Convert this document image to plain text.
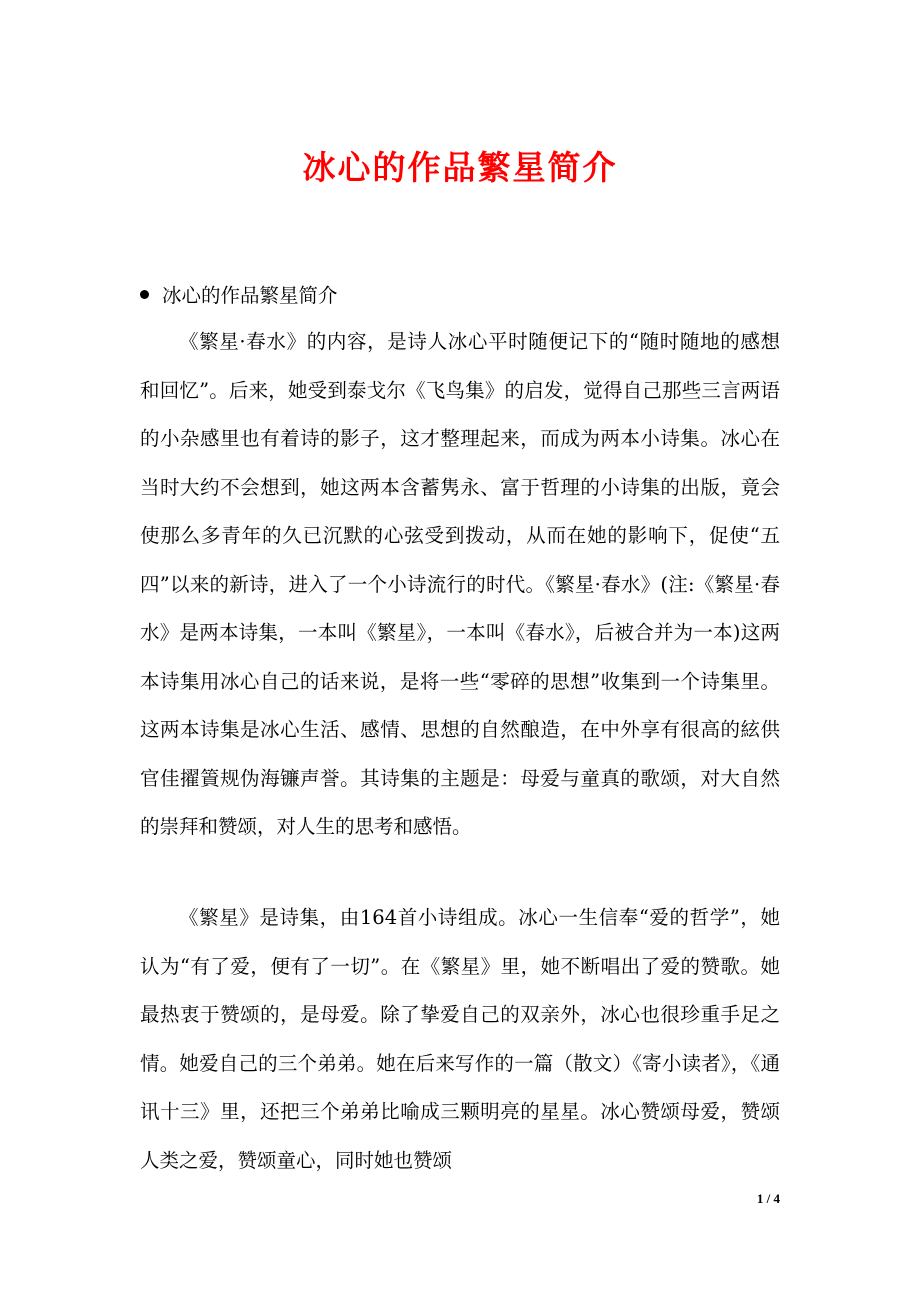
冰心的作品繁星简介
冰心的作品繁星简介

《繁星·春水》的内容，是诗人冰心平时随便记下的“随时随地的感想和回忆”。后来，她受到泰戈尔《飞鸟集》的启发，觉得自己那些三言两语的小杂感里也有着诗的影子，这才整理起来，而成为两本小诗集。冰心在当时大约不会想到，她这两本含蓄隽永、富于哲理的小诗集的出版，竟会使那么多青年的久已沉默的心弦受到拨动，从而在她的影响下，促使“五四”以来的新诗，进入了一个小诗流行的时代。《繁星·春水》(注:《繁星·春水》是两本诗集，一本叫《繁星》，一本叫《春水》，后被合并为一本)这两本诗集用冰心自己的话来说，是将一些“零碎的思想”收集到一个诗集里。这两本诗集是冰心生活、感情、思想的自然酿造，在中外享有很高的絃供官佳擢篢规伪海镰声誉。其诗集的主题是：母爱与童真的歌颂，对大自然的崇拜和赞颂，对人生的思考和感悟。

《繁星》是诗集，由164首小诗组成。冰心一生信奉“爱的哲学”，她认为“有了爱，便有了一切”。在《繁星》里，她不断唱出了爱的赞歌。她最热衷于赞颂的，是母爱。除了挚爱自己的双亲外，冰心也很珍重手足之情。她爱自己的三个弟弟。她在后来写作的一篇（散文）《寄小读者》，《通讯十三》里，还把三个弟弟比喻成三颗明亮的星星。冰心赞颂母爱，赞颂人类之爱，赞颂童心，同时她也赞颂

1 / 4
